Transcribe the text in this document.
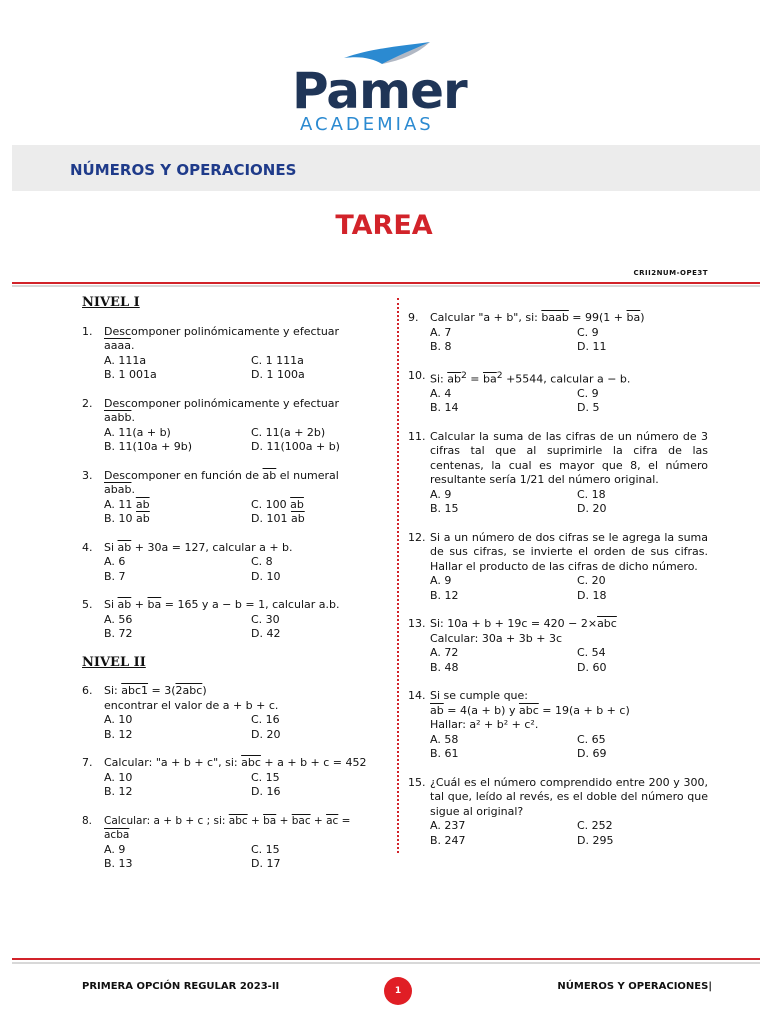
Pamer
ACADEMIAS
NÚMEROS Y OPERACIONES
TAREA
CRII2NUM-OPE3T
NIVEL I
1. Descomponer polinómicamente y efectuar aaaa.
A. 111a	C. 1 111a
B. 1 001a	D. 1 100a
2. Descomponer polinómicamente y efectuar aabb.
A. 11(a + b)	C. 11(a + 2b)
B. 11(10a + 9b)	D. 11(100a + b)
3. Descomponer en función de $\overline{ab}$ el numeral abab.
A. 11 $\overline{ab}$	C. 100 $\overline{ab}$
B. 10 $\overline{ab}$	D. 101 $\overline{ab}$
4. Si $\overline{ab} + 30a = 127$, calcular a + b.
A. 6	C. 8
B. 7	D. 10
5. Si $\overline{ab} + \overline{ba} = 165$ y a − b = 1, calcular a.b.
A. 56	C. 30
B. 72	D. 42
NIVEL II
6. Si: abc1 = 3(2abc)
encontrar el valor de a + b + c.
A. 10	C. 16
B. 12	D. 20
7. Calcular: "a + b + c", si: $\overline{abc} + a + b + c = 452$
A. 10	C. 15
B. 12	D. 16
8. Calcular: a + b + c ; si: $\overline{abc} + \overline{ba} + \overline{bac} + \overline{ac}$ = acba
A. 9	C. 15
B. 13	D. 17
9. Calcular "a + b", si: baab = $99(1 + \overline{ba})$
A. 7	C. 9
B. 8	D. 11
10. Si: $\overline{ab}^2 = \overline{ba}^2 +5544$, calcular a − b.
A. 4	C. 9
B. 14	D. 5
11. Calcular la suma de las cifras de un número de 3 cifras tal que al suprimirle la cifra de las centenas, la cual es mayor que 8, el número resultante sería 1/21 del número original.
A. 9	C. 18
B. 15	D. 20
12. Si a un número de dos cifras se le agrega la suma de sus cifras, se invierte el orden de sus cifras. Hallar el producto de las cifras de dicho número.
A. 9	C. 20
B. 12	D. 18
13. Si: $10a + b + 19c = 420 - 2\times\overline{abc}$
Calcular: 30a + 3b + 3c
A. 72	C. 54
B. 48	D. 60
14. Si se cumple que:
$\overline{ab} = 4(a + b)$ y $\overline{abc} = 19(a + b + c)$
Hallar: a² + b² + c².
A. 58	C. 65
B. 61	D. 69
15. ¿Cuál es el número comprendido entre 200 y 300, tal que, leído al revés, es el doble del número que sigue al original?
A. 237	C. 252
B. 247	D. 295
PRIMERA OPCIÓN REGULAR 2023-II	1	NÚMEROS Y OPERACIONES|
